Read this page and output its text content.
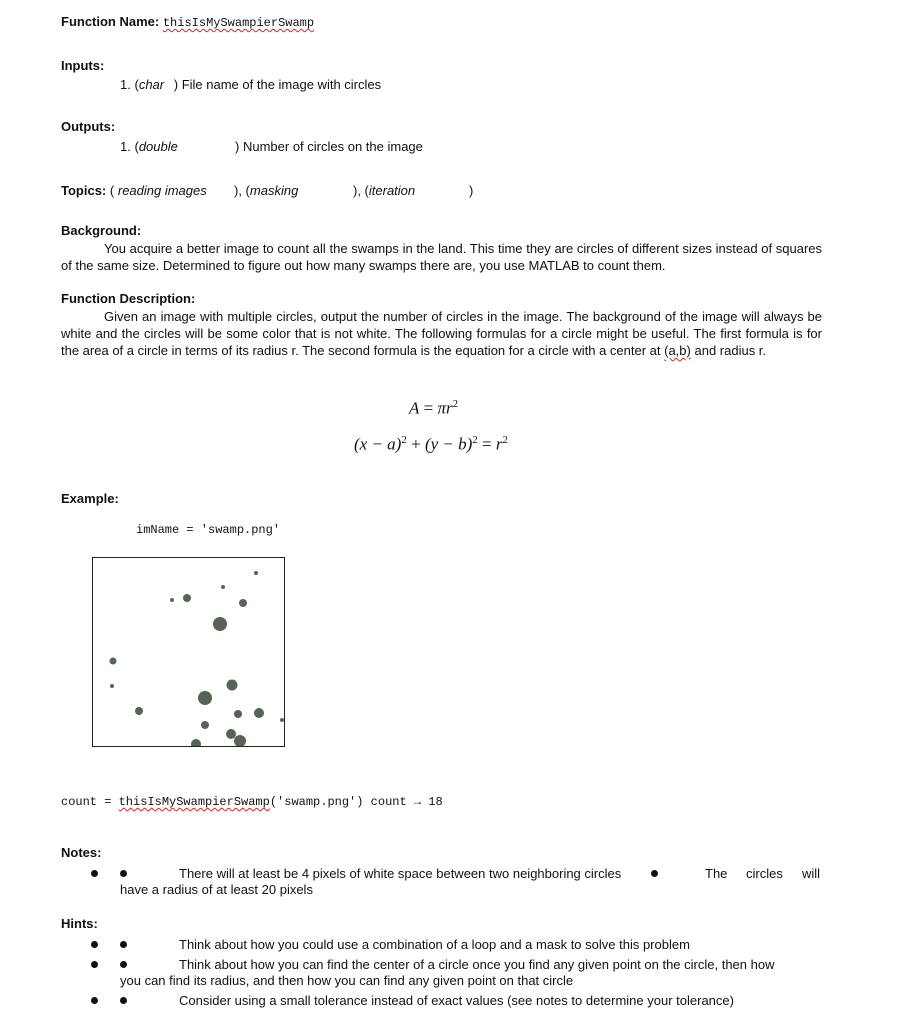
Function Name: thisIsMySwampierSwamp
Inputs:
1. (char ) File name of the image with circles
Outputs:
1. (double	) Number of circles on the image
Topics: ( reading images ), (masking	), (iteration	)
Background:
You acquire a better image to count all the swamps in the land. This time they are circles of different sizes instead of squares of the same size. Determined to figure out how many swamps there are, you use MATLAB to count them.
Function Description:
Given an image with multiple circles, output the number of circles in the image. The background of the image will always be white and the circles will be some color that is not white. The following formulas for a circle might be useful. The first formula is for the area of a circle in terms of its radius r. The second formula is the equation for a circle with a center at (a,b) and radius r.
$A = \pi r^2$
$(x - a)^2 + (y - b)^2 = r^2$
Example:
imName = 'swamp.png'
count = thisIsMySwampierSwamp('swamp.png') count → 18
Notes:
There will at least be 4 pixels of white space between two neighboring circles	The circles will
have a radius of at least 20 pixels
Hints:
Think about how you could use a combination of a loop and a mask to solve this problem
Think about how you can find the center of a circle once you find any given point on the circle, then how
you can find its radius, and then how you can find any given point on that circle
Consider using a small tolerance instead of exact values (see notes to determine your tolerance)
